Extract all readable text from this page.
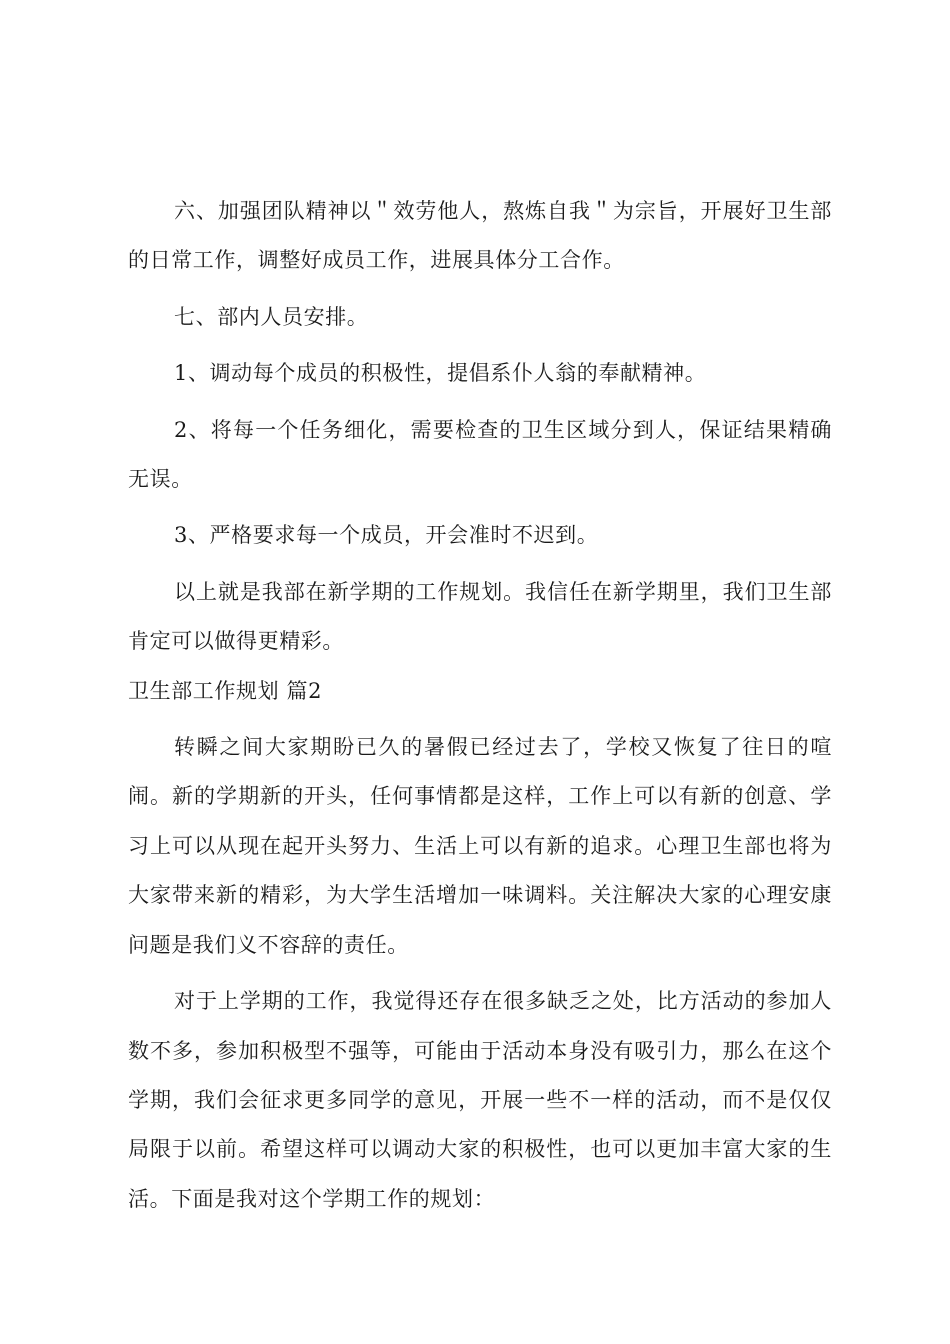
六、加强团队精神以＂效劳他人，熬炼自我＂为宗旨，开展好卫生部的日常工作，调整好成员工作，进展具体分工合作。

七、部内人员安排。

1、调动每个成员的积极性，提倡系仆人翁的奉献精神。

2、将每一个任务细化，需要检查的卫生区域分到人，保证结果精确无误。

3、严格要求每一个成员，开会准时不迟到。

以上就是我部在新学期的工作规划。我信任在新学期里，我们卫生部肯定可以做得更精彩。

卫生部工作规划 篇2

转瞬之间大家期盼已久的暑假已经过去了，学校又恢复了往日的喧闹。新的学期新的开头，任何事情都是这样，工作上可以有新的创意、学习上可以从现在起开头努力、生活上可以有新的追求。心理卫生部也将为大家带来新的精彩，为大学生活增加一味调料。关注解决大家的心理安康问题是我们义不容辞的责任。

对于上学期的工作，我觉得还存在很多缺乏之处，比方活动的参加人数不多，参加积极型不强等，可能由于活动本身没有吸引力，那么在这个学期，我们会征求更多同学的意见，开展一些不一样的活动，而不是仅仅局限于以前。希望这样可以调动大家的积极性，也可以更加丰富大家的生活。下面是我对这个学期工作的规划：
